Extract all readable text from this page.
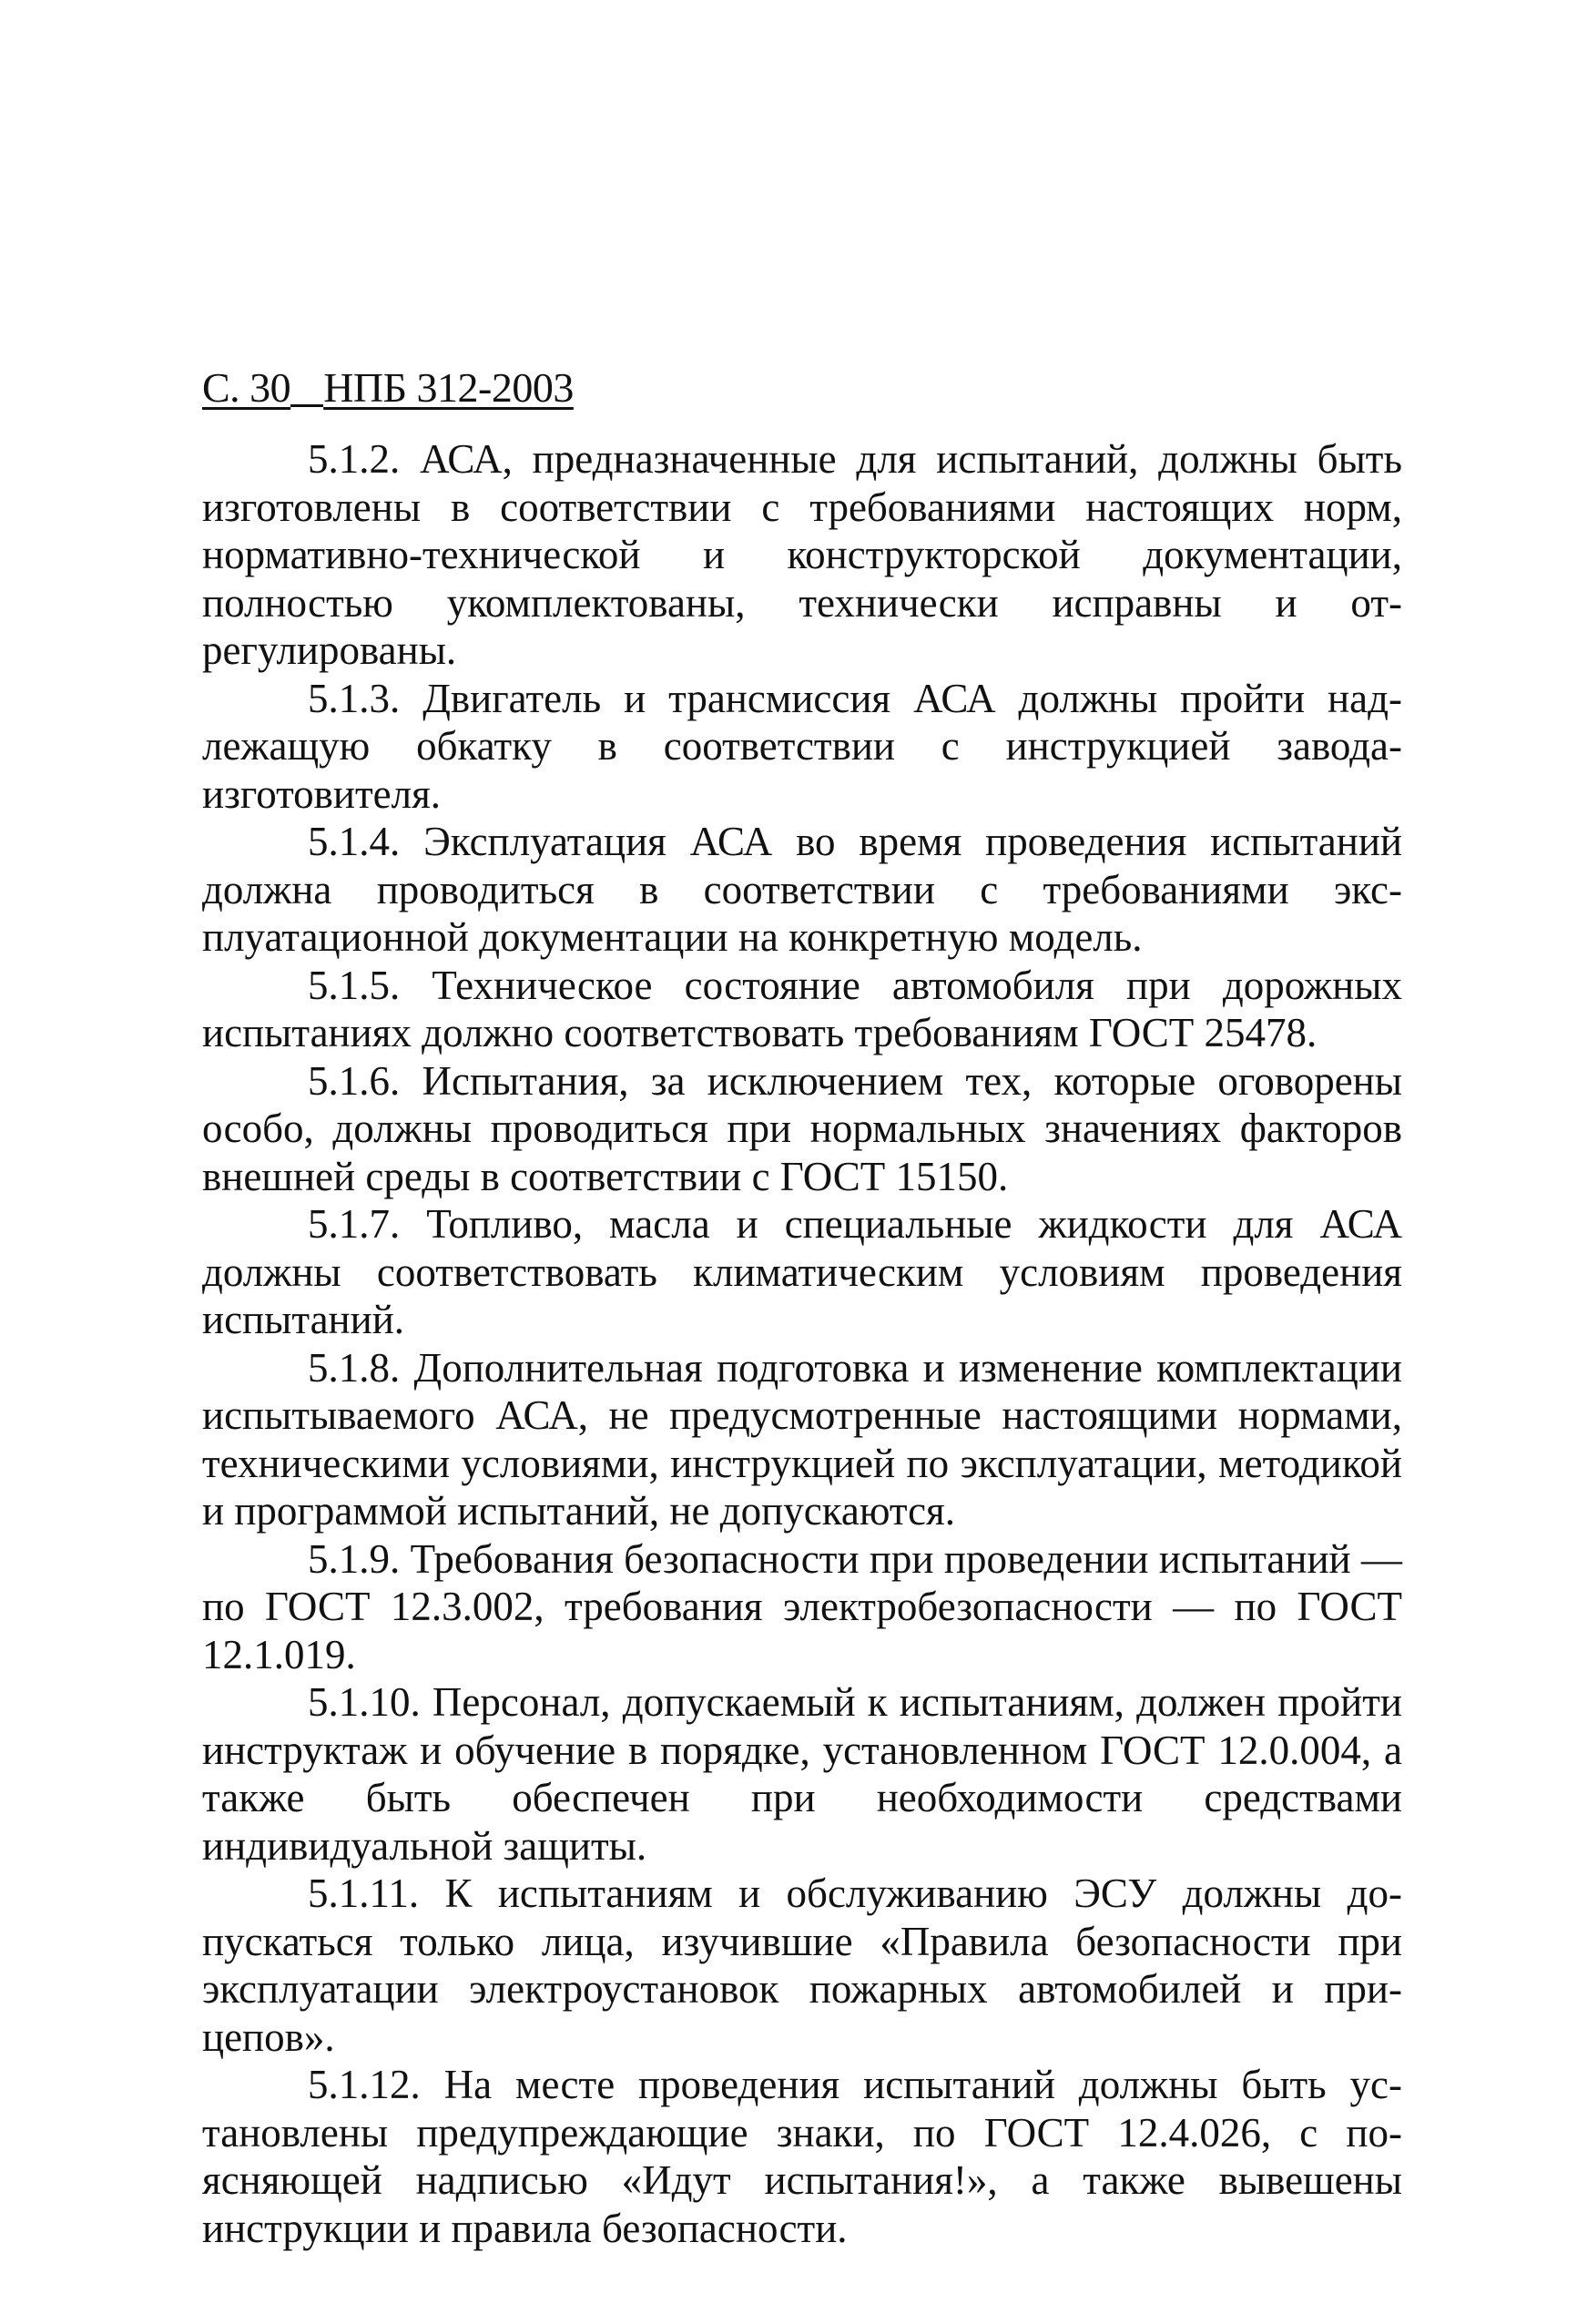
С. 30 НПБ 312-2003

5.1.2. АСА, предназначенные для испытаний, должны быть изготовлены в соответствии с требованиями настоящих норм, нормативно-технической и конструкторской документации, полностью укомплектованы, технически исправны и отрегулированы.

5.1.3. Двигатель и трансмиссия АСА должны пройти надлежащую обкатку в соответствии с инструкцией завода-изготовителя.

5.1.4. Эксплуатация АСА во время проведения испытаний должна проводиться в соответствии с требованиями эксплуатационной документации на конкретную модель.

5.1.5. Техническое состояние автомобиля при дорожных испытаниях должно соответствовать требованиям ГОСТ 25478.

5.1.6. Испытания, за исключением тех, которые оговорены особо, должны проводиться при нормальных значениях факторов внешней среды в соответствии с ГОСТ 15150.

5.1.7. Топливо, масла и специальные жидкости для АСА должны соответствовать климатическим условиям проведения испытаний.

5.1.8. Дополнительная подготовка и изменение комплектации испытываемого АСА, не предусмотренные настоящими нормами, техническими условиями, инструкцией по эксплуатации, методикой и программой испытаний, не допускаются.

5.1.9. Требования безопасности при проведении испытаний — по ГОСТ 12.3.002, требования электробезопасности — по ГОСТ 12.1.019.

5.1.10. Персонал, допускаемый к испытаниям, должен пройти инструктаж и обучение в порядке, установленном ГОСТ 12.0.004, а также быть обеспечен при необходимости средствами индивидуальной защиты.

5.1.11. К испытаниям и обслуживанию ЭСУ должны допускаться только лица, изучившие «Правила безопасности при эксплуатации электроустановок пожарных автомобилей и прицепов».

5.1.12. На месте проведения испытаний должны быть установлены предупреждающие знаки, по ГОСТ 12.4.026, с поясняющей надписью «Идут испытания!», а также вывешены инструкции и правила безопасности.
